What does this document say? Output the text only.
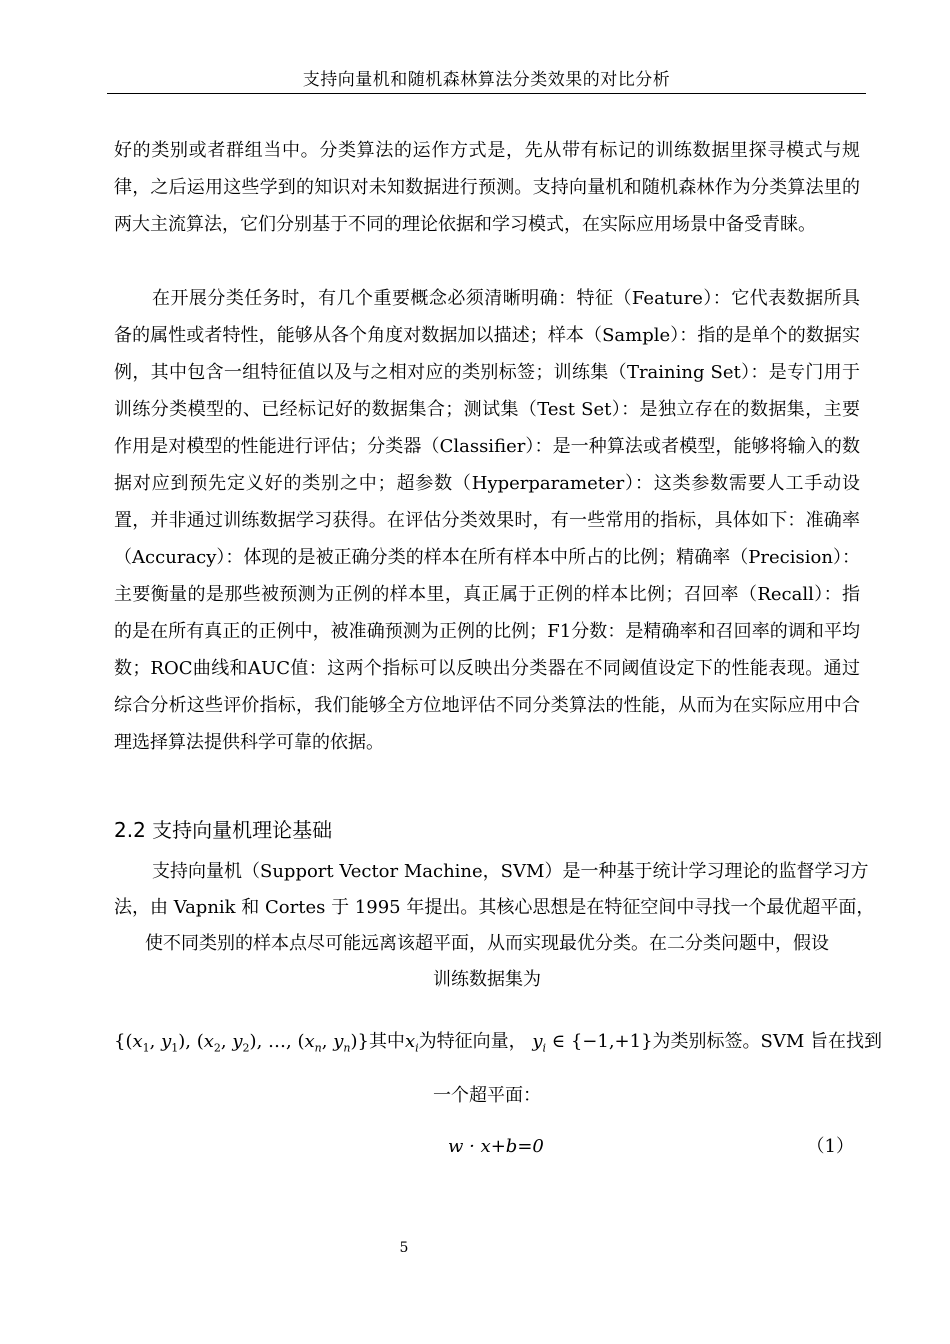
支持向量机和随机森林算法分类效果的对比分析
好的类别或者群组当中。分类算法的运作方式是，先从带有标记的训练数据里探寻模式与规律，之后运用这些学到的知识对未知数据进行预测。支持向量机和随机森林作为分类算法里的两大主流算法，它们分别基于不同的理论依据和学习模式，在实际应用场景中备受青睐。
在开展分类任务时，有几个重要概念必须清晰明确：特征（Feature）：它代表数据所具备的属性或者特性，能够从各个角度对数据加以描述；样本（Sample）：指的是单个的数据实例，其中包含一组特征值以及与之相对应的类别标签；训练集（Training Set）：是专门用于训练分类模型的、已经标记好的数据集合；测试集（Test Set）：是独立存在的数据集，主要作用是对模型的性能进行评估；分类器（Classifier）：是一种算法或者模型，能够将输入的数据对应到预先定义好的类别之中；超参数（Hyperparameter）：这类参数需要人工手动设置，并非通过训练数据学习获得。在评估分类效果时，有一些常用的指标，具体如下：准确率（Accuracy）：体现的是被正确分类的样本在所有样本中所占的比例；精确率（Precision）：主要衡量的是那些被预测为正例的样本里，真正属于正例的样本比例；召回率（Recall）：指的是在所有真正的正例中，被准确预测为正例的比例；F1分数：是精确率和召回率的调和平均数；ROC曲线和AUC值：这两个指标可以反映出分类器在不同阈值设定下的性能表现。通过综合分析这些评价指标，我们能够全方位地评估不同分类算法的性能，从而为在实际应用中合理选择算法提供科学可靠的依据。
2.2 支持向量机理论基础
支持向量机（Support Vector Machine，SVM）是一种基于统计学习理论的监督学习方
法，由 Vapnik 和 Cortes 于 1995 年提出。其核心思想是在特征空间中寻找一个最优超平面，
使不同类别的样本点尽可能远离该超平面，从而实现最优分类。在二分类问题中，假设
训练数据集为
{($x_1$, $y_1$), ($x_2$, $y_2$), …, ($x_n$, $y_n$)}其中$x_i$为特征向量， $y_i$ ∈ {−1,+1}为类别标签。SVM 旨在找到
一个超平面：
w · x+b=0	（1）
5
